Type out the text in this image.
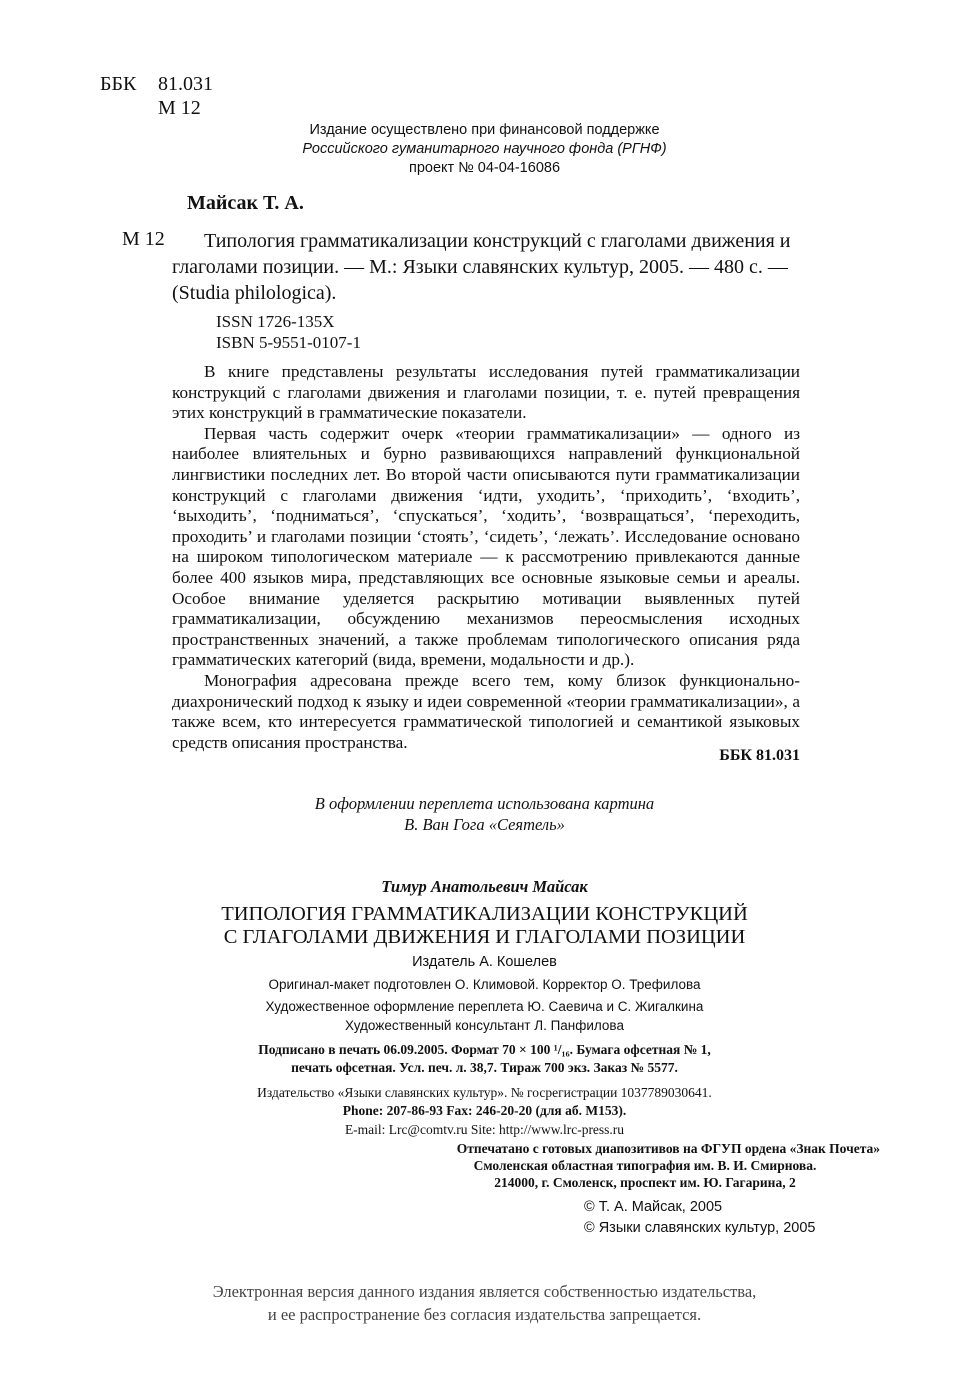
ББК	81.031
М 12
Издание осуществлено при финансовой поддержке
Российского гуманитарного научного фонда (РГНФ)
проект № 04-04-16086
Майсак Т. А.
М 12	Типология грамматикализации конструкций с глаголами движения и

глаголами позиции. — М.: Языки славянских культур, 2005. — 480 с. —
(Studia philologica).
ISSN 1726-135X
ISBN 5-9551-0107-1

В книге представлены результаты исследования путей грамматикализации конструкций с глаголами движения и глаголами позиции, т. е. путей превращения этих конструкций в грамматические показатели.

Первая часть содержит очерк «теории грамматикализации» — одного из наиболее влиятельных и бурно развивающихся направлений функциональной лингвистики последних лет. Во второй части описываются пути грамматикализации конструкций с глаголами движения ‘идти, уходить’, ‘приходить’, ‘входить’, ‘выходить’, ‘подниматься’, ‘спускаться’, ‘ходить’, ‘возвращаться’, ‘переходить, проходить’ и глаголами позиции ‘стоять’, ‘сидеть’, ‘лежать’. Исследование основано на широком типологическом материале — к рассмотрению привлекаются данные более 400 языков мира, представляющих все основные языковые семьи и ареалы. Особое внимание уделяется раскрытию мотивации выявленных путей грамматикализации, обсуждению механизмов переосмысления исходных пространственных значений, а также проблемам типологического описания ряда грамматических категорий (вида, времени, модальности и др.).

Монография адресована прежде всего тем, кому близок функционально-диахронический подход к языку и идеи современной «теории грамматикализации», а также всем, кто интересуется грамматической типологией и семантикой языковых средств описания пространства.

ББК 81.031
В оформлении переплета использована картина
В. Ван Гога «Сеятель»
Тимур Анатольевич Майсак
ТИПОЛОГИЯ ГРАММАТИКАЛИЗАЦИИ КОНСТРУКЦИЙ
С ГЛАГОЛАМИ ДВИЖЕНИЯ И ГЛАГОЛАМИ ПОЗИЦИИ
Издатель А. Кошелев
Оригинал-макет подготовлен О. Климовой. Корректор О. Трефилова
Художественное оформление переплета Ю. Саевича и С. Жигалкина
Художественный консультант Л. Панфилова
Подписано в печать 06.09.2005. Формат 70 × 100 ¹/₁₆. Бумага офсетная № 1,
печать офсетная. Усл. печ. л. 38,7. Тираж 700 экз. Заказ № 5577.
Издательство «Языки славянских культур». № госрегистрации 1037789030641.
Phone: 207-86-93 Fax: 246-20-20 (для аб. M153).
E-mail: Lrc@comtv.ru Site: http://www.lrc-press.ru
Отпечатано с готовых диапозитивов на ФГУП ордена «Знак Почета»
Смоленская областная типография им. В. И. Смирнова.
214000, г. Смоленск, проспект им. Ю. Гагарина, 2
© Т. А. Майсак, 2005
© Языки славянских культур, 2005
Электронная версия данного издания является собственностью издательства,
и ее распространение без согласия издательства запрещается.
